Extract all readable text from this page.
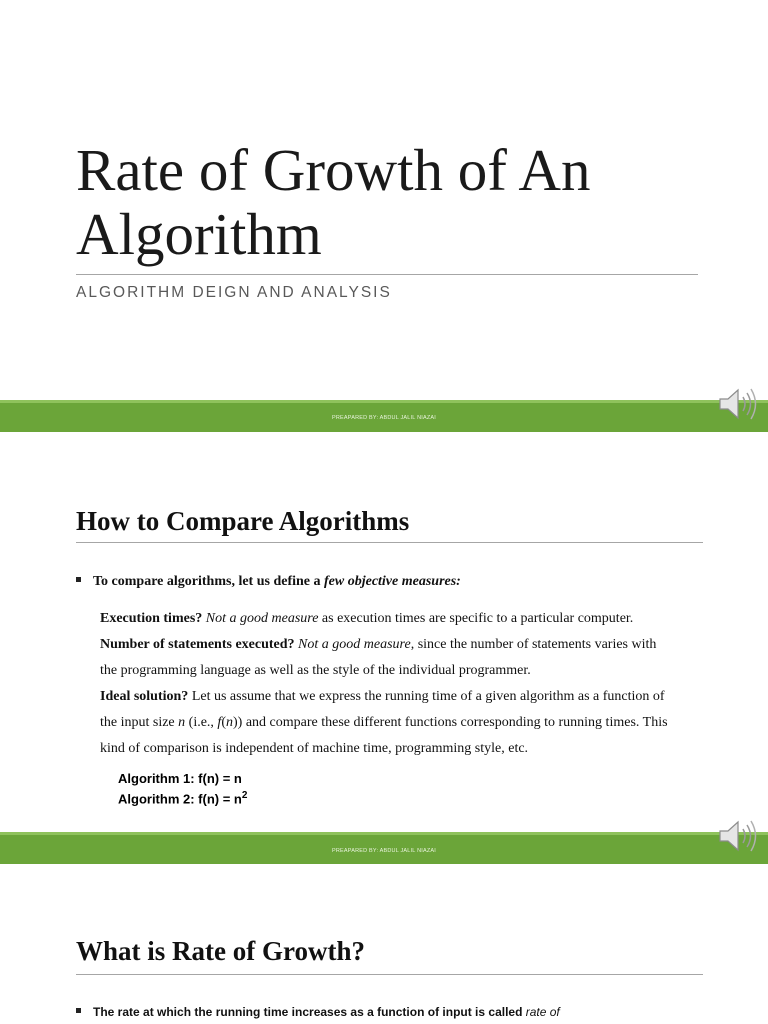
Rate of Growth of An
Algorithm
ALGORITHM DEIGN AND ANALYSIS
PREAPARED BY: ABDUL JALIL NIAZAI
How to Compare Algorithms
To compare algorithms, let us define a few objective measures:
Execution times? Not a good measure as execution times are specific to a particular computer.
Number of statements executed? Not a good measure, since the number of statements varies with the programming language as well as the style of the individual programmer.
Ideal solution? Let us assume that we express the running time of a given algorithm as a function of the input size n (i.e., f(n)) and compare these different functions corresponding to running times. This kind of comparison is independent of machine time, programming style, etc.
Algorithm 1: f(n) = n
Algorithm 2: $f(n) = n^2$
PREAPARED BY: ABDUL JALIL NIAZAI
What is Rate of Growth?
The rate at which the running time increases as a function of input is called rate of
